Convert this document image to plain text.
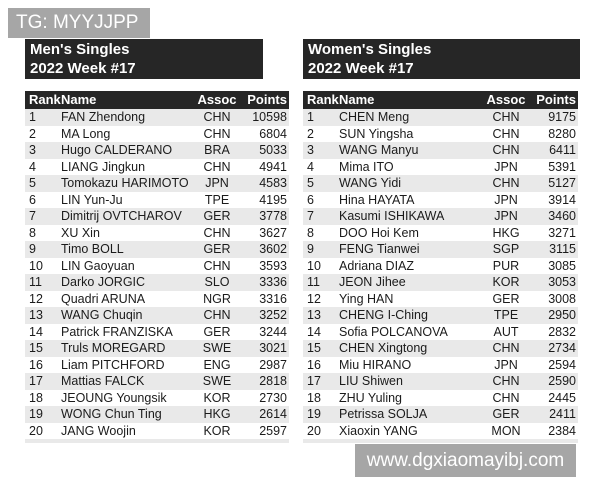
TG: MYYJJPP
Men's Singles
2022 Week #17
Rank Name	Assoc Points
1	FAN Zhendong	CHN	10598
2	MA Long	CHN	6804
3	Hugo CALDERANO	BRA	5033
4	LIANG Jingkun	CHN	4941
5	Tomokazu HARIMOTO	JPN	4583
6	LIN Yun-Ju	TPE	4195
7	Dimitrij OVTCHAROV	GER	3778
8	XU Xin	CHN	3627
9	Timo BOLL	GER	3602
10	LIN Gaoyuan	CHN	3593
11	Darko JORGIC	SLO	3336
12	Quadri ARUNA	NGR	3316
13	WANG Chuqin	CHN	3252
14	Patrick FRANZISKA	GER	3244
15	Truls MOREGARD	SWE	3021
16	Liam PITCHFORD	ENG	2987
17	Mattias FALCK	SWE	2818
18	JEOUNG Youngsik	KOR	2730
19	WONG Chun Ting	HKG	2614
20	JANG Woojin	KOR	2597
Women's Singles
2022 Week #17
Rank Name	Assoc Points
1	CHEN Meng	CHN	9175
2	SUN Yingsha	CHN	8280
3	WANG Manyu	CHN	6411
4	Mima ITO	JPN	5391
5	WANG Yidi	CHN	5127
6	Hina HAYATA	JPN	3914
7	Kasumi ISHIKAWA	JPN	3460
8	DOO Hoi Kem	HKG	3271
9	FENG Tianwei	SGP	3115
10	Adriana DIAZ	PUR	3085
11	JEON Jihee	KOR	3053
12	Ying HAN	GER	3008
13	CHENG I-Ching	TPE	2950
14	Sofia POLCANOVA	AUT	2832
15	CHEN Xingtong	CHN	2734
16	Miu HIRANO	JPN	2594
17	LIU Shiwen	CHN	2590
18	ZHU Yuling	CHN	2445
19	Petrissa SOLJA	GER	2411
20	Xiaoxin YANG	MON	2384
www.dgxiaomayibj.com
